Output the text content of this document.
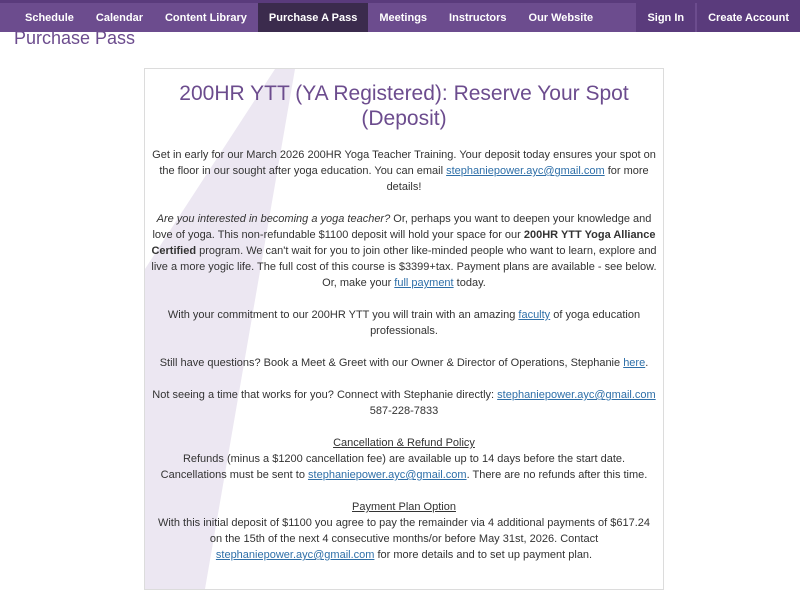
Schedule	Calendar	Content Library	Purchase A Pass	Meetings	Instructors	Our Website	Sign In	Create Account
Purchase Pass
200HR YTT (YA Registered): Reserve Your Spot (Deposit)

Get in early for our March 2026 200HR Yoga Teacher Training. Your deposit today ensures your spot on the floor in our sought after yoga education. You can email stephaniepower.ayc@gmail.com for more details!

Are you interested in becoming a yoga teacher? Or, perhaps you want to deepen your knowledge and love of yoga. This non-refundable $1100 deposit will hold your space for our 200HR YTT Yoga Alliance Certified program. We can't wait for you to join other like-minded people who want to learn, explore and live a more yogic life. The full cost of this course is $3399+tax. Payment plans are available - see below. Or, make your full payment today.

With your commitment to our 200HR YTT you will train with an amazing faculty of yoga education professionals.

Still have questions? Book a Meet & Greet with our Owner & Director of Operations, Stephanie here.

Not seeing a time that works for you? Connect with Stephanie directly: stephaniepower.ayc@gmail.com
587-228-7833

Cancellation & Refund Policy
Refunds (minus a $1200 cancellation fee) are available up to 14 days before the start date. Cancellations must be sent to stephaniepower.ayc@gmail.com. There are no refunds after this time.

Payment Plan Option
With this initial deposit of $1100 you agree to pay the remainder via 4 additional payments of $617.24 on the 15th of the next 4 consecutive months/or before May 31st, 2026. Contact
stephaniepower.ayc@gmail.com for more details and to set up payment plan.
